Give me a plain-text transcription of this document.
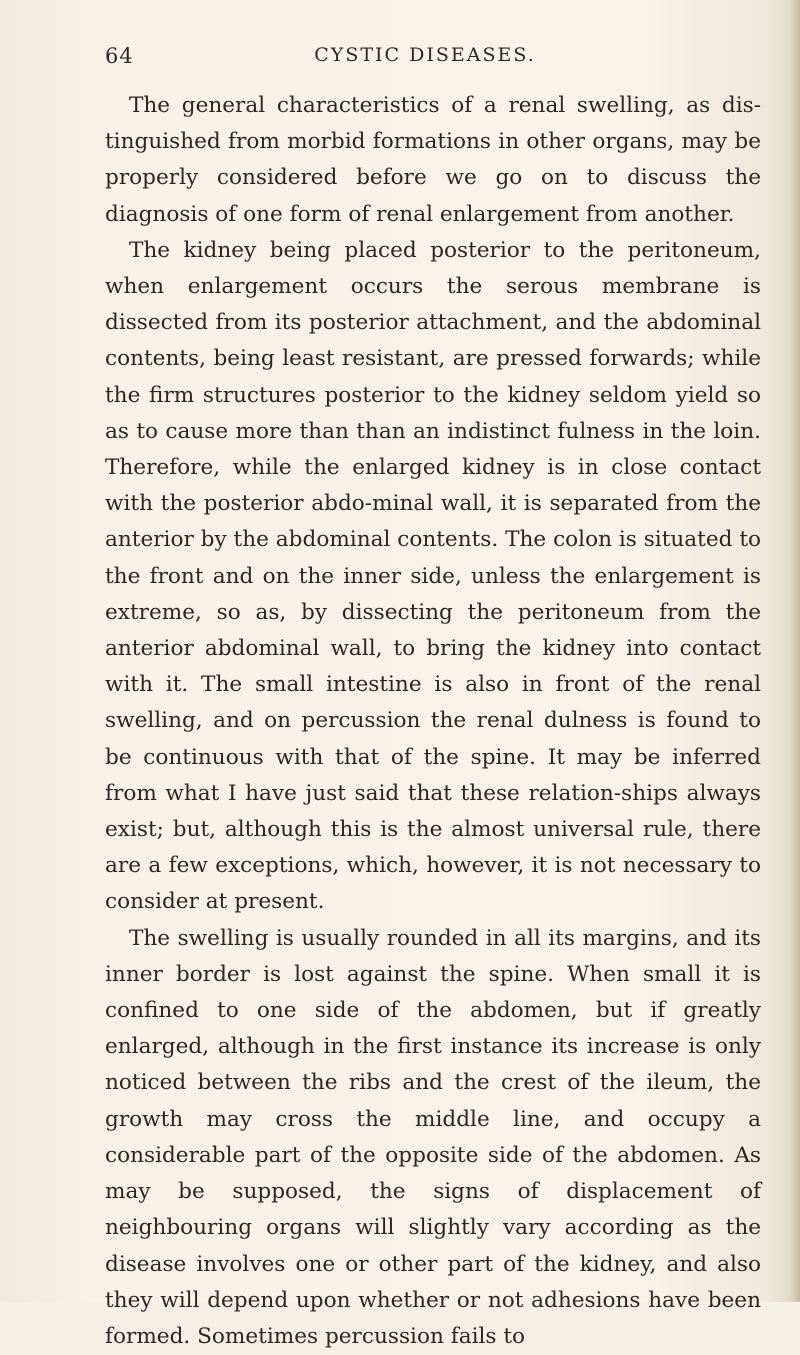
64	CYSTIC DISEASES.

The general characteristics of a renal swelling, as dis-tinguished from morbid formations in other organs, may be properly considered before we go on to discuss the diagnosis of one form of renal enlargement from another.

The kidney being placed posterior to the peritoneum, when enlargement occurs the serous membrane is dissected from its posterior attachment, and the abdominal contents, being least resistant, are pressed forwards; while the firm structures posterior to the kidney seldom yield so as to cause more than than an indistinct fulness in the loin. Therefore, while the enlarged kidney is in close contact with the posterior abdo-minal wall, it is separated from the anterior by the abdominal contents. The colon is situated to the front and on the inner side, unless the enlargement is extreme, so as, by dissecting the peritoneum from the anterior abdominal wall, to bring the kidney into contact with it. The small intestine is also in front of the renal swelling, and on percussion the renal dulness is found to be continuous with that of the spine. It may be inferred from what I have just said that these relation-ships always exist; but, although this is the almost universal rule, there are a few exceptions, which, however, it is not necessary to consider at present.

The swelling is usually rounded in all its margins, and its inner border is lost against the spine. When small it is confined to one side of the abdomen, but if greatly enlarged, although in the first instance its increase is only noticed between the ribs and the crest of the ileum, the growth may cross the middle line, and occupy a considerable part of the opposite side of the abdomen. As may be supposed, the signs of displacement of neighbouring organs will slightly vary according as the disease involves one or other part of the kidney, and also they will depend upon whether or not adhesions have been formed. Sometimes percussion fails to
